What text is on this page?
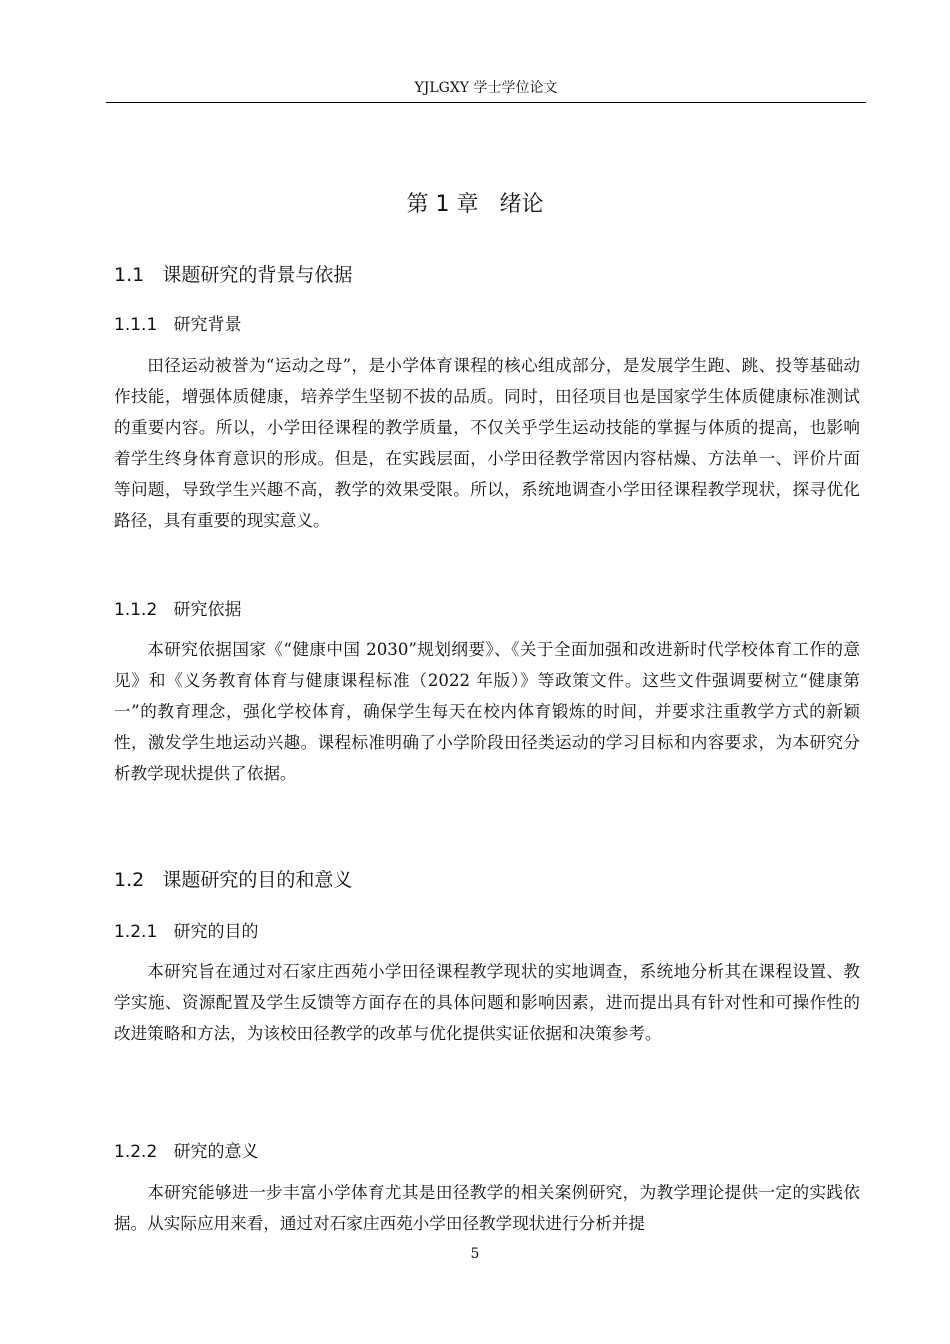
YJLGXY 学士学位论文
第 1 章   绪论
1.1   课题研究的背景与依据
1.1.1   研究背景

田径运动被誉为“运动之母”，是小学体育课程的核心组成部分，是发展学生跑、跳、投等基础动作技能，增强体质健康，培养学生坚韧不拔的品质。同时，田径项目也是国家学生体质健康标准测试的重要内容。所以，小学田径课程的教学质量，不仅关乎学生运动技能的掌握与体质的提高，也影响着学生终身体育意识的形成。但是，在实践层面，小学田径教学常因内容枯燥、方法单一、评价片面等问题，导致学生兴趣不高，教学的效果受限。所以，系统地调查小学田径课程教学现状，探寻优化路径，具有重要的现实意义。

1.1.2   研究依据

本研究依据国家《“健康中国 2030”规划纲要》、《关于全面加强和改进新时代学校体育工作的意见》和《义务教育体育与健康课程标准（2022 年版）》等政策文件。这些文件强调要树立“健康第一”的教育理念，强化学校体育，确保学生每天在校内体育锻炼的时间，并要求注重教学方式的新颖性，激发学生地运动兴趣。课程标准明确了小学阶段田径类运动的学习目标和内容要求，为本研究分析教学现状提供了依据。

1.2   课题研究的目的和意义
1.2.1   研究的目的

本研究旨在通过对石家庄西苑小学田径课程教学现状的实地调查，系统地分析其在课程设置、教学实施、资源配置及学生反馈等方面存在的具体问题和影响因素，进而提出具有针对性和可操作性的改进策略和方法，为该校田径教学的改革与优化提供实证依据和决策参考。

1.2.2   研究的意义

本研究能够进一步丰富小学体育尤其是田径教学的相关案例研究，为教学理论提供一定的实践依据。从实际应用来看，通过对石家庄西苑小学田径教学现状进行分析并提

5
